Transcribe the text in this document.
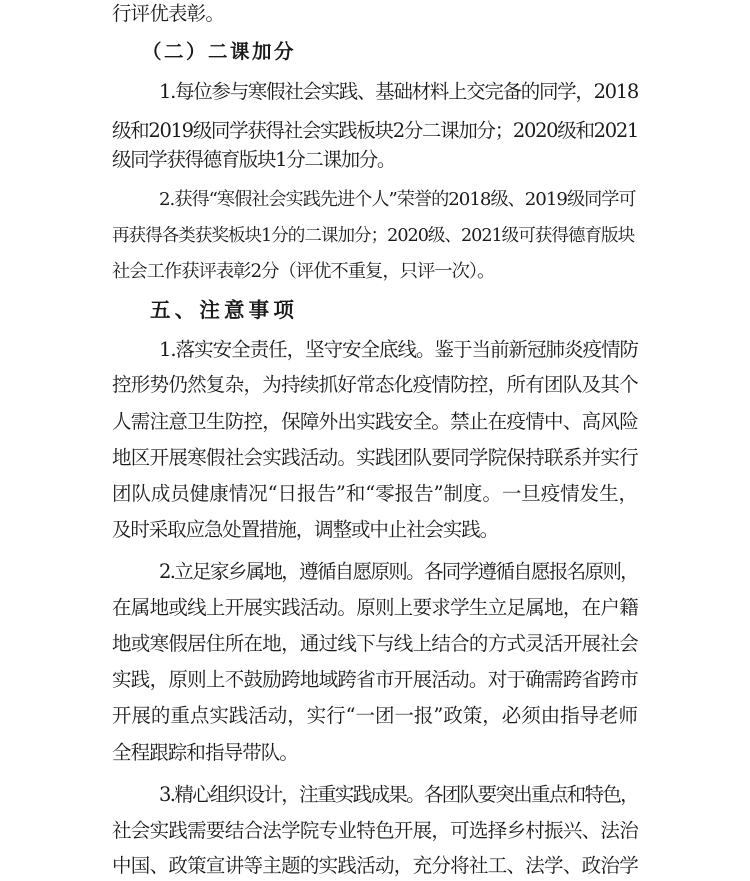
行评优表彰。
（二）二课加分
1.每位参与寒假社会实践、基础材料上交完备的同学，2018
级和2019级同学获得社会实践板块2分二课加分；2020级和2021
级同学获得德育版块1分二课加分。
2.获得“寒假社会实践先进个人”荣誉的2018级、2019级同学可
再获得各类获奖板块1分的二课加分；2020级、2021级可获得德育版块
社会工作获评表彰2分（评优不重复，只评一次）。
五、注意事项
1.落实安全责任，坚守安全底线。鉴于当前新冠肺炎疫情防
控形势仍然复杂，为持续抓好常态化疫情防控，所有团队及其个
人需注意卫生防控，保障外出实践安全。禁止在疫情中、高风险
地区开展寒假社会实践活动。实践团队要同学院保持联系并实行
团队成员健康情况“日报告”和“零报告”制度。一旦疫情发生，
及时采取应急处置措施，调整或中止社会实践。
2.立足家乡属地，遵循自愿原则。各同学遵循自愿报名原则，
在属地或线上开展实践活动。原则上要求学生立足属地，在户籍
地或寒假居住所在地，通过线下与线上结合的方式灵活开展社会
实践，原则上不鼓励跨地域跨省市开展活动。对于确需跨省跨市
开展的重点实践活动，实行“一团一报”政策，必须由指导老师
全程跟踪和指导带队。
3.精心组织设计，注重实践成果。各团队要突出重点和特色，
社会实践需要结合法学院专业特色开展，可选择乡村振兴、法治
中国、政策宣讲等主题的实践活动，充分将社工、法学、政治学
